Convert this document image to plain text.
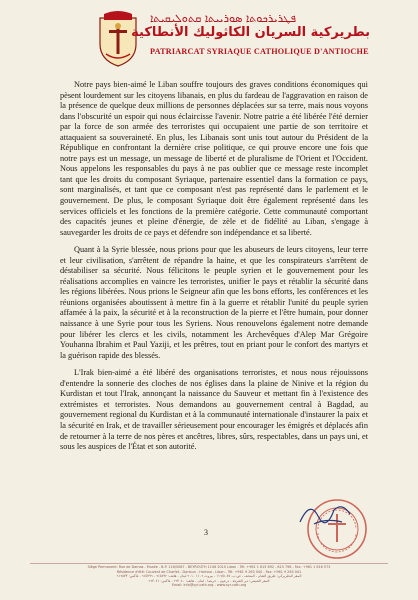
ܦܛܪܝܪܟܘܬܐ ܣܘܪܝܝܬܐ ܩܬܘܠܝܩܝܬܐ
بطريركية السريان الكاثوليك الأنطاكية
PATRIARCAT SYRIAQUE CATHOLIQUE D'ANTIOCHE

Notre pays bien-aimé le Liban souffre toujours des graves conditions économiques qui pèsent lourdement sur les citoyens libanais, en plus du fardeau de l'aggravation en raison de la présence de quelque deux millions de personnes déplacées sur sa terre, mais nous voyons dans l'obscurité un espoir qui nous éclaircisse l'avenir. Notre patrie a été libérée l'été dernier par la force de son armée des terroristes qui occupaient une partie de son territoire et attaquaient sa souveraineté. En plus, les Libanais sont unis tout autour du Président de la République en confrontant la dernière crise politique, ce qui prouve encore une fois que notre pays est un message, un message de liberté et de pluralisme de l'Orient et l'Occident. Nous appelons les responsables du pays à ne pas oublier que ce message reste incomplet tant que les droits du composant Syriaque, partenaire essentiel dans la formation ce pays, sont marginalisés, et tant que ce composant n'est pas représenté dans le parlement et le gouvernement. De plus, le composant Syriaque doit être également représenté dans les services officiels et les fonctions de la première catégorie. Cette communauté comportant des capacités jeunes et pleine d'énergie, de zèle et de fidélité au Liban, s'engage à sauvegarder les droits de ce pays et défendre son indépendance et sa liberté.

Quant à la Syrie blessée, nous prions pour que les abuseurs de leurs citoyens, leur terre et leur civilisation, s'arrêtent de répandre la haine, et que les conspirateurs s'arrêtent de déstabiliser sa sécurité. Nous félicitons le peuple syrien et le gouvernement pour les réalisations accomplies en vaincre les terroristes, unifier le pays et rétablir la sécurité dans les régions libérées. Nous prions le Seigneur afin que les bons efforts, les conférences et les réunions organisées aboutissent à mettre fin à la guerre et rétablir l'unité du peuple syrien affamée à la paix, la sécurité et à la reconstruction de la pierre et l'être humain, pour donner naissance à une Syrie pour tous les Syriens. Nous renouvelons également notre demande pour libérer les clercs et les civils, notamment les Archevêques d'Alep Mar Grégoire Youhanna Ibrahim et Paul Yaziji, et les prêtres, tout en priant pour le confort des martyrs et la guérison rapide des blessés.

L'Irak bien-aimé a été libéré des organisations terroristes, et nous nous réjouissons d'entendre la sonnerie des cloches de nos églises dans la plaine de Ninive et la région du Kurdistan et tout l'Irak, annonçant la naissance du Sauveur et mettant fin à l'existence des extrémistes et terroristes. Nous demandons au gouvernement central à Bagdad, au gouvernement regional du Kurdistan et à la communauté internationale d'instaurer la paix et la sécurité en Irak, et de travailler sérieusement pour encourager les émigrés et déplacés afin de retourner à la terre de nos pères et ancêtres, libres, sûrs, respectables, dans un pays uni, et sous les auspices de l'État et son autorité.

3
Siège Permanent: Rue de Damas - Musée - B.P. 116/5087 - BEYROUTH 1106 2010 Liban - Tél: +961 1 615 892 - 615 796 - Fax: +961 1 616 573
Résidence d'été: Couvent de Charfet - Darioun - Harissa - Liban - Tél: +961 9 263 040 - Fax: +961 9 263 041
المقر البطريركي: طريق الشام - المتحف - ص.ب. ١١٦/٥٠٨٧ - بيروت ١١٠٦ ٢٠١٠ لبنان - هاتف: ٦١٥٨٩٢ - ٦١٥٧٩٦ - فاكس: ٦١٦٥٧٣
المقر الصيفي: دير الشرفة - درعون - حريصا - لبنان - هاتف: ٢٦٣٠٤٠ - فاكس: ٢٦٣٠٤١
Email: info@syr-cath.org - www.syr-cath.org
